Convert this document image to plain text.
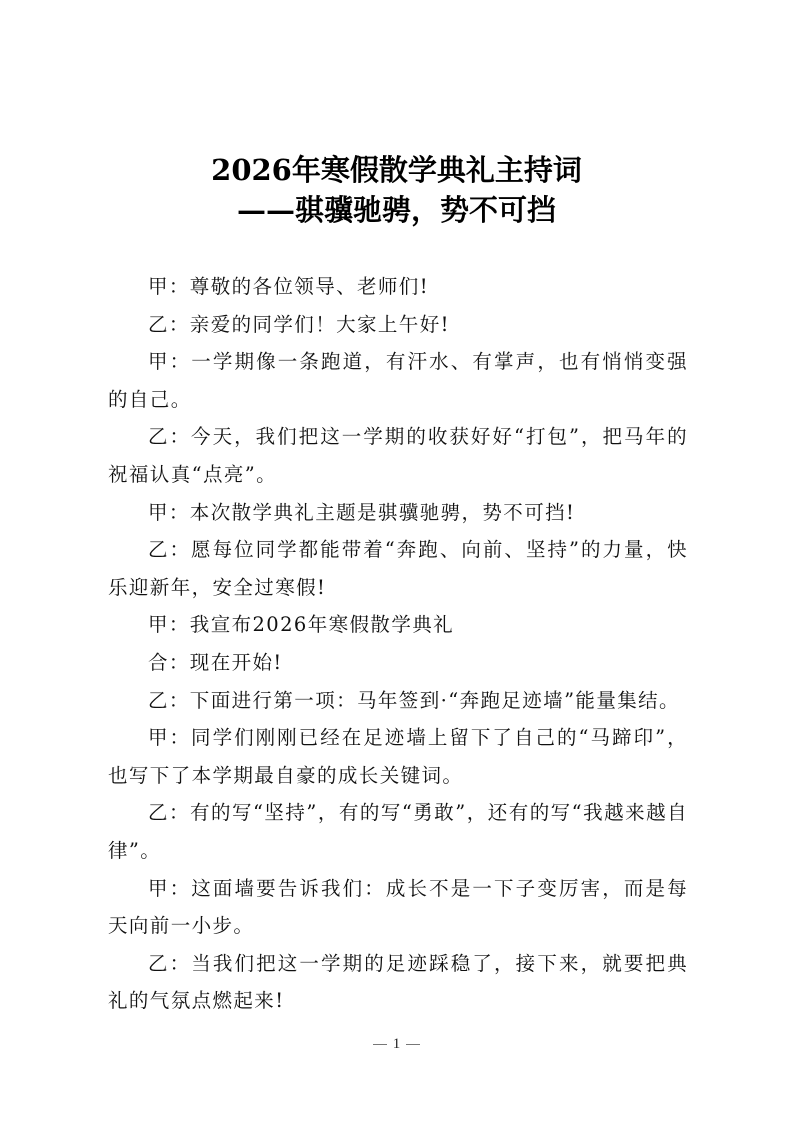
2026年寒假散学典礼主持词
——骐骥驰骋，势不可挡

甲：尊敬的各位领导、老师们!

乙：亲爱的同学们！大家上午好!

甲：一学期像一条跑道，有汗水、有掌声，也有悄悄变强的自己。

乙：今天，我们把这一学期的收获好好“打包”，把马年的祝福认真“点亮”。

甲：本次散学典礼主题是骐骥驰骋，势不可挡!

乙：愿每位同学都能带着“奔跑、向前、坚持”的力量，快乐迎新年，安全过寒假!

甲：我宣布2026年寒假散学典礼

合：现在开始!

乙：下面进行第一项：马年签到·“奔跑足迹墙”能量集结。

甲：同学们刚刚已经在足迹墙上留下了自己的“马蹄印”，也写下了本学期最自豪的成长关键词。

乙：有的写“坚持”，有的写“勇敢”，还有的写“我越来越自律”。

甲：这面墙要告诉我们：成长不是一下子变厉害，而是每天向前一小步。

乙：当我们把这一学期的足迹踩稳了，接下来，就要把典礼的气氛点燃起来!

1
